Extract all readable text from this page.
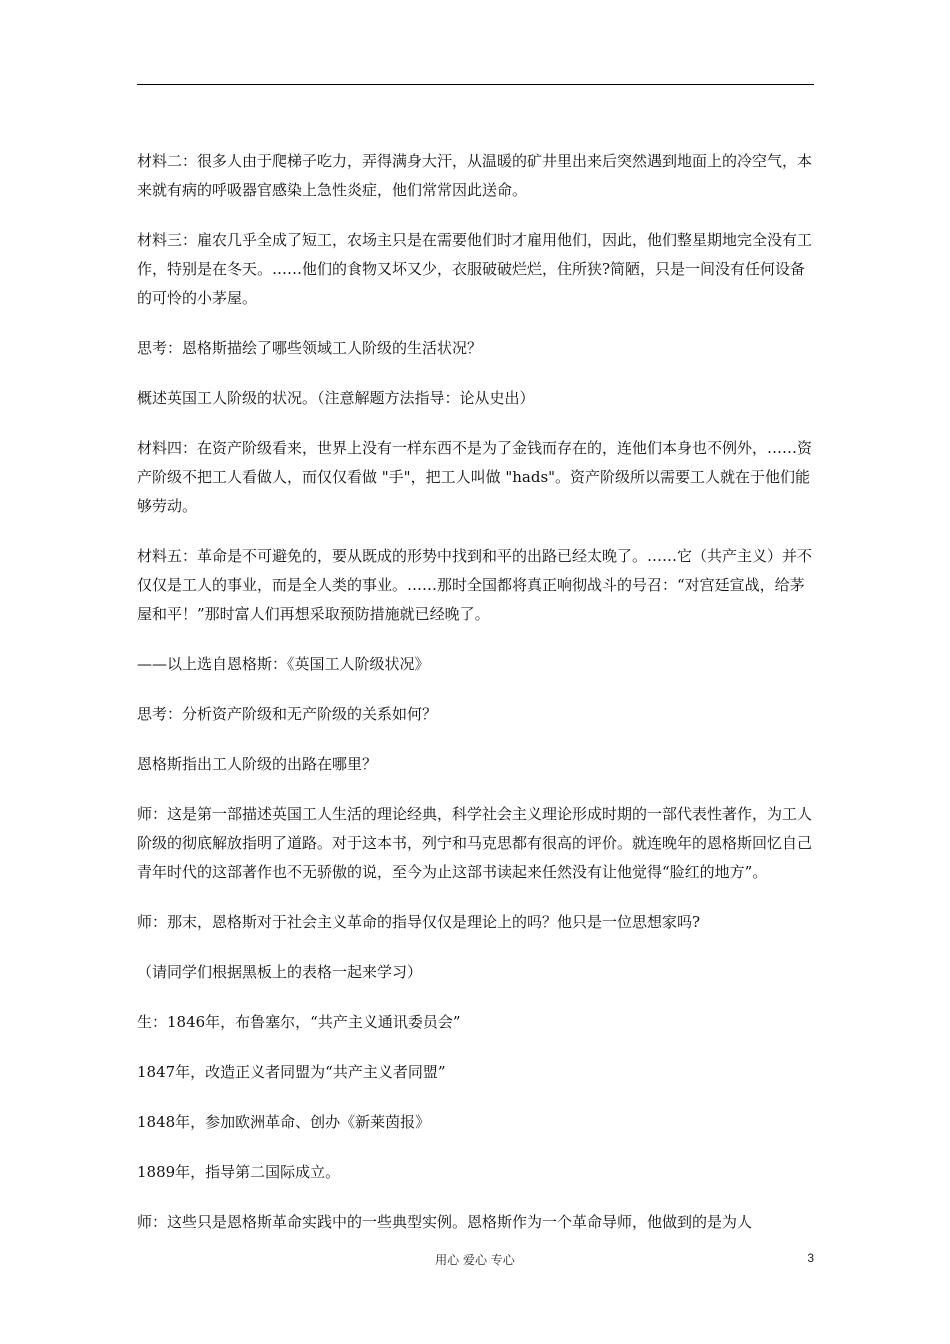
材料二：很多人由于爬梯子吃力，弄得满身大汗，从温暖的矿井里出来后突然遇到地面上的冷空气，本来就有病的呼吸器官感染上急性炎症，他们常常因此送命。

材料三：雇农几乎全成了短工，农场主只是在需要他们时才雇用他们，因此，他们整星期地完全没有工作，特别是在冬天。……他们的食物又坏又少，衣服破破烂烂，住所狭?简陋，只是一间没有任何设备的可怜的小茅屋。

思考：恩格斯描绘了哪些领域工人阶级的生活状况？

概述英国工人阶级的状况。（注意解题方法指导：论从史出）

材料四：在资产阶级看来，世界上没有一样东西不是为了金钱而存在的，连他们本身也不例外，……资产阶级不把工人看做人，而仅仅看做 "手"，把工人叫做 "hads"。资产阶级所以需要工人就在于他们能够劳动。

材料五：革命是不可避免的，要从既成的形势中找到和平的出路已经太晚了。……它（共产主义）并不仅仅是工人的事业，而是全人类的事业。……那时全国都将真正响彻战斗的号召：“对宫廷宣战，给茅屋和平！”那时富人们再想采取预防措施就已经晚了。

——以上选自恩格斯：《英国工人阶级状况》

思考：分析资产阶级和无产阶级的关系如何？

恩格斯指出工人阶级的出路在哪里？

师：这是第一部描述英国工人生活的理论经典，科学社会主义理论形成时期的一部代表性著作，为工人阶级的彻底解放指明了道路。对于这本书，列宁和马克思都有很高的评价。就连晚年的恩格斯回忆自己青年时代的这部著作也不无骄傲的说，至今为止这部书读起来任然没有让他觉得“脸红的地方”。

师：那末，恩格斯对于社会主义革命的指导仅仅是理论上的吗？他只是一位思想家吗?

（请同学们根据黑板上的表格一起来学习）

生：1846年，布鲁塞尔，“共产主义通讯委员会”

1847年，改造正义者同盟为“共产主义者同盟”

1848年，参加欧洲革命、创办《新莱茵报》

1889年，指导第二国际成立。

师：这些只是恩格斯革命实践中的一些典型实例。恩格斯作为一个革命导师，他做到的是为人

用心 爱心 专心	3
